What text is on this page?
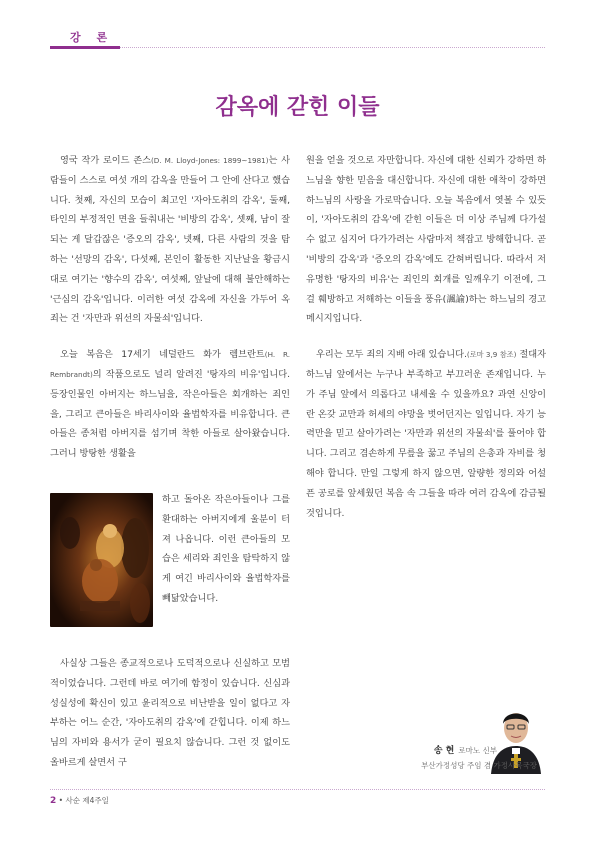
강 론
감옥에 갇힌 이들

영국 작가 로이드 존스(D. M. Lloyd-Jones: 1899~1981)는 사람들이 스스로 여섯 개의 감옥을 만들어 그 안에 산다고 했습니다. 첫째, 자신의 모습이 최고인 '자아도취의 감옥', 둘째, 타인의 부정적인 면을 들춰내는 '비방의 감옥', 셋째, 남이 잘되는 게 달갑잖은 '증오의 감옥', 넷째, 다른 사람의 것을 탐하는 '선망의 감옥', 다섯째, 본인이 활동한 지난날을 황금시대로 여기는 '향수의 감옥', 여섯째, 앞날에 대해 불안해하는 '근심의 감옥'입니다. 이러한 여섯 감옥에 자신을 가두어 옥죄는 건 '자만과 위선의 자물쇠'입니다.

오늘 복음은 17세기 네덜란드 화가 렘브란트(H. R. Rembrandt)의 작품으로도 널리 알려진 '탕자의 비유'입니다. 등장인물인 아버지는 하느님을, 작은아들은 회개하는 죄인을, 그리고 큰아들은 바리사이와 율법학자를 비유합니다. 큰아들은 종처럼 아버지를 섬기며 착한 아들로 살아왔습니다. 그러니 방탕한 생활을

하고 돌아온 작은아들이나 그를 환대하는 아버지에게 울분이 터져 나옵니다. 이런 큰아들의 모습은 세리와 죄인을 탐탁하지 않게 여긴 바리사이와 율법학자를 빼닮았습니다.
사실상 그들은 종교적으로나 도덕적으로나 신실하고 모범적이었습니다. 그런데 바로 여기에 함정이 있습니다. 신심과 성실성에 확신이 있고 윤리적으로 비난받을 일이 없다고 자부하는 어느 순간, '자아도취의 감옥'에 갇힙니다. 이제 하느님의 자비와 용서가 굳이 필요치 않습니다. 그런 것 없이도 올바르게 살면서 구

원을 얻을 것으로 자만합니다. 자신에 대한 신뢰가 강하면 하느님을 향한 믿음을 대신합니다. 자신에 대한 애착이 강하면 하느님의 사랑을 가로막습니다. 오늘 복음에서 엿볼 수 있듯이, '자아도취의 감옥'에 갇힌 이들은 더 이상 주님께 다가설 수 없고 심지어 다가가려는 사람마저 책잡고 방해합니다. 곧 '비방의 감옥'과 '증오의 감옥'에도 갇혀버립니다. 따라서 저 유명한 '탕자의 비유'는 죄인의 회개를 일깨우기 이전에, 그걸 훼방하고 저해하는 이들을 풍유(諷諭)하는 하느님의 경고 메시지입니다.

우리는 모두 죄의 지배 아래 있습니다.(로마 3,9 참조) 절대자 하느님 앞에서는 누구나 부족하고 부끄러운 존재입니다. 누가 주님 앞에서 의롭다고 내세울 수 있을까요? 과연 신앙이란 온갖 교만과 허세의 야망을 벗어던지는 일입니다. 자기 능력만을 믿고 살아가려는 '자만과 위선의 자물쇠'를 풀어야 합니다. 그리고 겸손하게 무릎을 꿇고 주님의 은총과 자비를 청해야 합니다. 만일 그렇게 하지 않으면, 알량한 정의와 어설픈 공로를 앞세웠던 복음 속 그들을 따라 여러 감옥에 감금될 것입니다.

송 현 로마노 신부
부산가정성당 주임 겸 가정사목국장
2 • 사순 제4주일
